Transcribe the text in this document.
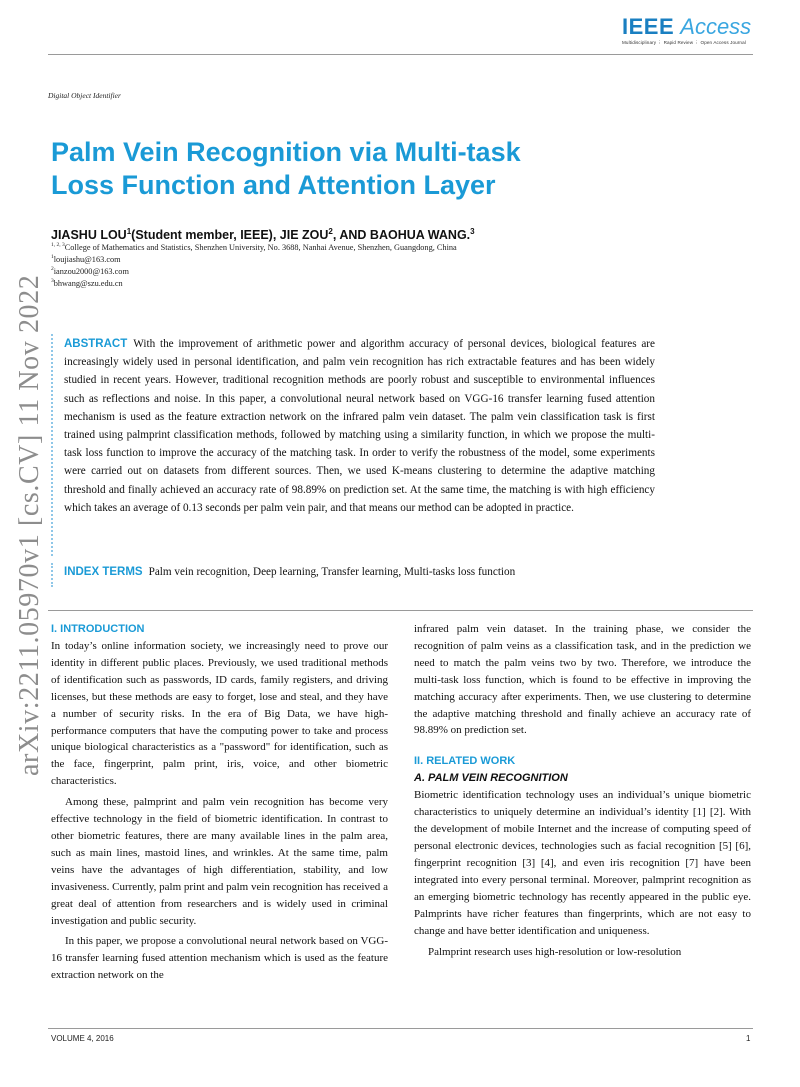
IEEE Access
Multidisciplinary ⋮ Rapid Review ⋮ Open Access Journal
Digital Object Identifier
Palm Vein Recognition via Multi-task
Loss Function and Attention Layer
JIASHU LOU$^1$(Student member, IEEE), JIE ZOU$^2$, AND BAOHUA WANG.$^3$
$^{1, 2, 3}$College of Mathematics and Statistics, Shenzhen University, No. 3688, Nanhai Avenue, Shenzhen, Guangdong, China
$^1$loujiashu@163.com
$^2$ianzou2000@163.com
$^3$bhwang@szu.edu.cn
arXiv:2211.05970v1 [cs.CV] 11 Nov 2022 ABSTRACT With the improvement of arithmetic power and algorithm accuracy of personal devices, biological features are increasingly widely used in personal identification, and palm vein recognition has rich extractable features and has been widely studied in recent years. However, traditional recognition methods are poorly robust and susceptible to environmental influences such as reflections and noise. In this paper, a convolutional neural network based on VGG-16 transfer learning fused attention mechanism is used as the feature extraction network on the infrared palm vein dataset. The palm vein classification task is first trained using palmprint classification methods, followed by matching using a similarity function, in which we propose the multi-task loss function to improve the accuracy of the matching task. In order to verify the robustness of the model, some experiments were carried out on datasets from different sources. Then, we used K-means clustering to determine the adaptive matching threshold and finally achieved an accuracy rate of 98.89% on prediction set. At the same time, the matching is with high efficiency which takes an average of 0.13 seconds per palm vein pair, and that means our method can be adopted in practice.
INDEX TERMS Palm vein recognition, Deep learning, Transfer learning, Multi-tasks loss function
I. INTRODUCTION

In today’s online information society, we increasingly need to prove our identity in different public places. Previously, we used traditional methods of identification such as passwords, ID cards, family registers, and driving licenses, but these methods are easy to forget, lose and steal, and they have a number of security risks. In the era of Big Data, we have high-performance computers that have the computing power to take and process unique biological characteristics as a "password" for identification, such as the face, fingerprint, palm print, iris, voice, and other biometric characteristics.

Among these, palmprint and palm vein recognition has become very effective technology in the field of biometric identification. In contrast to other biometric features, there are many available lines in the palm area, such as main lines, mastoid lines, and wrinkles. At the same time, palm veins have the advantages of high differentiation, stability, and low invasiveness. Currently, palm print and palm vein recognition has received a great deal of attention from researchers and is widely used in criminal investigation and public security.

In this paper, we propose a convolutional neural network based on VGG-16 transfer learning fused attention mechanism which is used as the feature extraction network on the

infrared palm vein dataset. In the training phase, we consider the recognition of palm veins as a classification task, and in the prediction we need to match the palm veins two by two. Therefore, we introduce the multi-task loss function, which is found to be effective in improving the matching accuracy after experiments. Then, we use clustering to determine the adaptive matching threshold and finally achieve an accuracy rate of 98.89% on prediction set.

II. RELATED WORK
A. PALM VEIN RECOGNITION

Biometric identification technology uses an individual’s unique biometric characteristics to uniquely determine an individual’s identity [1] [2]. With the development of mobile Internet and the increase of computing speed of personal electronic devices, technologies such as facial recognition [5] [6], fingerprint recognition [3] [4], and even iris recognition [7] have been integrated into every personal terminal. Moreover, palmprint recognition as an emerging biometric technology has recently appeared in the public eye. Palmprints have richer features than fingerprints, which are not easy to change and have better identification and uniqueness.

Palmprint research uses high-resolution or low-resolution

VOLUME 4, 2016	1
